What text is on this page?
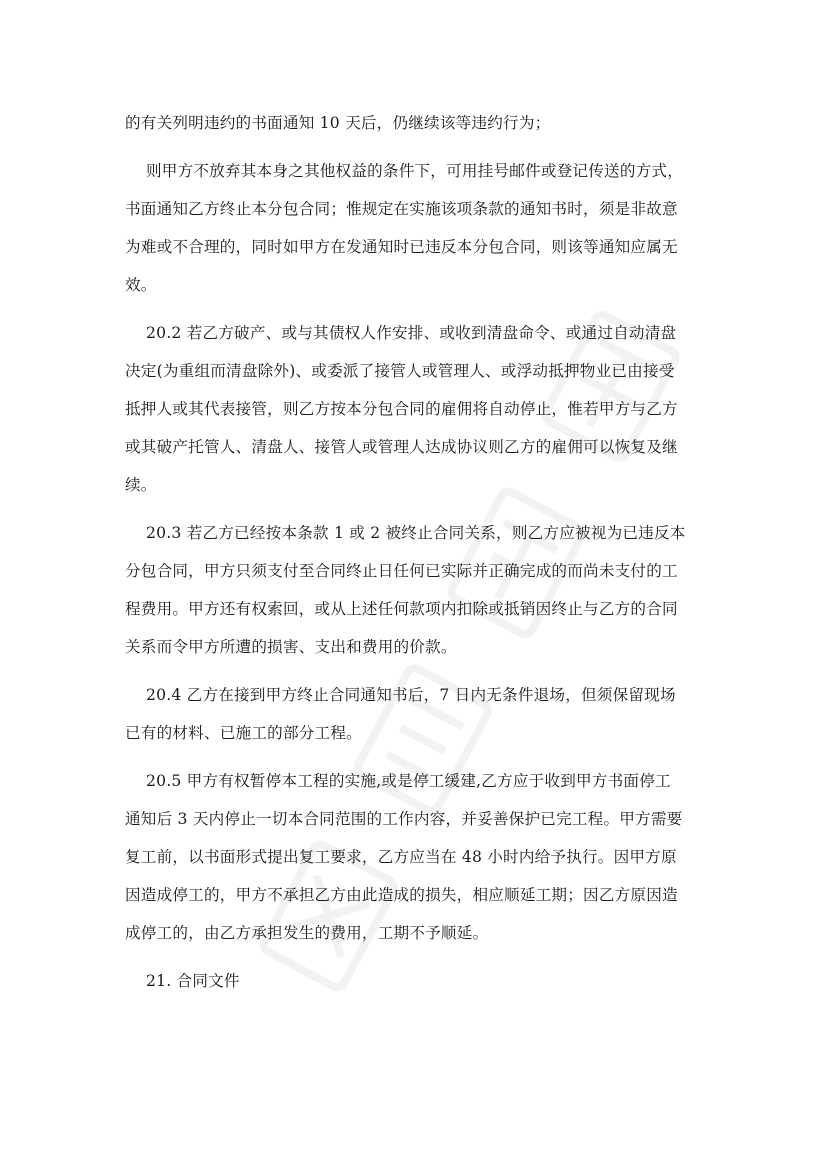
的有关列明违约的书面通知 10 天后，仍继续该等违约行为；

则甲方不放弃其本身之其他权益的条件下，可用挂号邮件或登记传送的方式，
书面通知乙方终止本分包合同；惟规定在实施该项条款的通知书时，须是非故意
为难或不合理的，同时如甲方在发通知时已违反本分包合同，则该等通知应属无
效。

20.2 若乙方破产、或与其债权人作安排、或收到清盘命令、或通过自动清盘
决定(为重组而清盘除外)、或委派了接管人或管理人、或浮动抵押物业已由接受
抵押人或其代表接管，则乙方按本分包合同的雇佣将自动停止，惟若甲方与乙方
或其破产托管人、清盘人、接管人或管理人达成协议则乙方的雇佣可以恢复及继
续。

20.3 若乙方已经按本条款 1 或 2 被终止合同关系，则乙方应被视为已违反本
分包合同，甲方只须支付至合同终止日任何已实际并正确完成的而尚未支付的工
程费用。甲方还有权索回，或从上述任何款项内扣除或抵销因终止与乙方的合同
关系而令甲方所遭的损害、支出和费用的价款。

20.4 乙方在接到甲方终止合同通知书后，7 日内无条件退场，但须保留现场
已有的材料、已施工的部分工程。

20.5 甲方有权暂停本工程的实施,或是停工缓建,乙方应于收到甲方书面停工
通知后 3 天内停止一切本合同范围的工作内容，并妥善保护已完工程。甲方需要
复工前，以书面形式提出复工要求，乙方应当在 48 小时内给予执行。因甲方原
因造成停工的，甲方不承担乙方由此造成的损失，相应顺延工期；因乙方原因造
成停工的，由乙方承担发生的费用，工期不予顺延。

21. 合同文件
